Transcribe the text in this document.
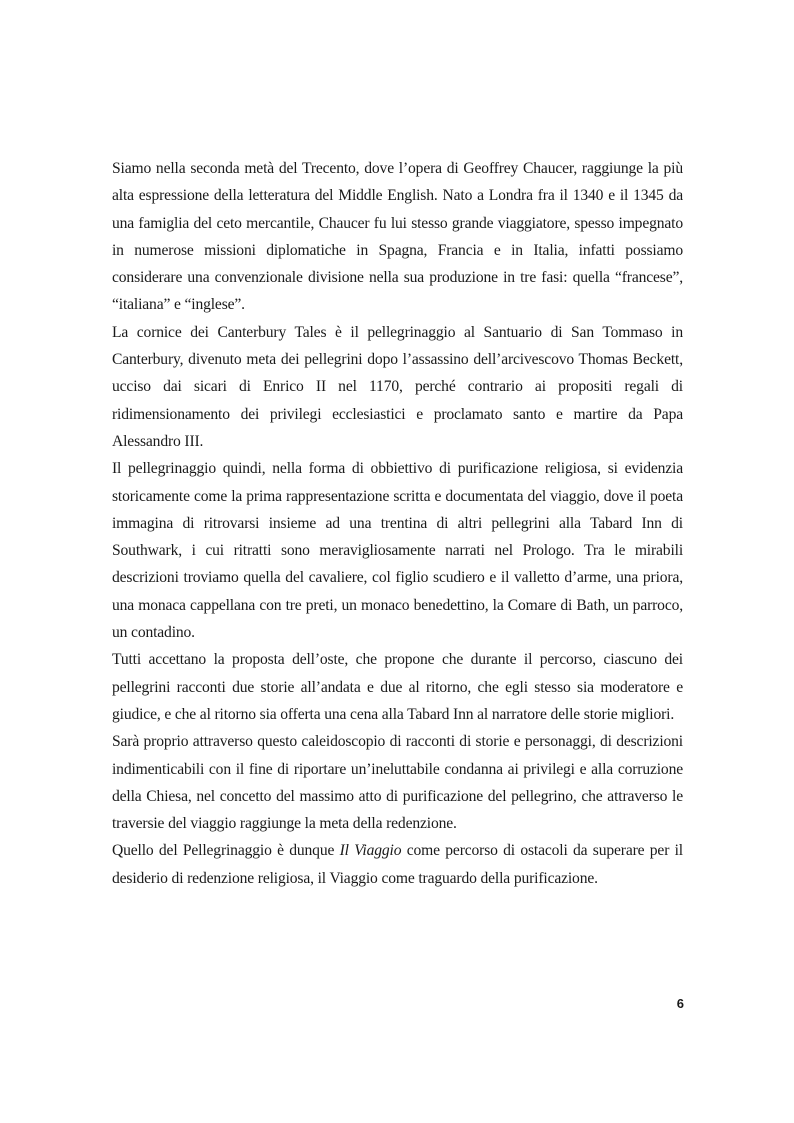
Siamo nella seconda metà del Trecento, dove l’opera di Geoffrey Chaucer, raggiunge la più alta espressione della letteratura del Middle English. Nato a Londra fra il 1340 e il 1345 da una famiglia del ceto mercantile, Chaucer fu lui stesso grande viaggiatore, spesso impegnato in numerose missioni diplomatiche in Spagna, Francia e in Italia, infatti possiamo considerare una convenzionale divisione nella sua produzione in tre fasi: quella “francese”, “italiana” e “inglese”.

La cornice dei Canterbury Tales è il pellegrinaggio al Santuario di San Tommaso in Canterbury, divenuto meta dei pellegrini dopo l’assassino dell’arcivescovo Thomas Beckett, ucciso dai sicari di Enrico II nel 1170, perché contrario ai propositi regali di ridimensionamento dei privilegi ecclesiastici e proclamato santo e martire da Papa Alessandro III.

Il pellegrinaggio quindi, nella forma di obbiettivo di purificazione religiosa, si evidenzia storicamente come la prima rappresentazione scritta e documentata del viaggio, dove il poeta immagina di ritrovarsi insieme ad una trentina di altri pellegrini alla Tabard Inn di Southwark, i cui ritratti sono meravigliosamente narrati nel Prologo. Tra le mirabili descrizioni troviamo quella del cavaliere, col figlio scudiero e il valletto d’arme, una priora, una monaca cappellana con tre preti, un monaco benedettino, la Comare di Bath, un parroco, un contadino.

Tutti accettano la proposta dell’oste, che propone che durante il percorso, ciascuno dei pellegrini racconti due storie all’andata e due al ritorno, che egli stesso sia moderatore e giudice, e che al ritorno sia offerta una cena alla Tabard Inn al narratore delle storie migliori.

Sarà proprio attraverso questo caleidoscopio di racconti di storie e personaggi, di descrizioni indimenticabili con il fine di riportare un’ineluttabile condanna ai privilegi e alla corruzione della Chiesa, nel concetto del massimo atto di purificazione del pellegrino, che attraverso le traversie del viaggio raggiunge la meta della redenzione.

Quello del Pellegrinaggio è dunque Il Viaggio come percorso di ostacoli da superare per il desiderio di redenzione religiosa, il Viaggio come traguardo della purificazione.

6
